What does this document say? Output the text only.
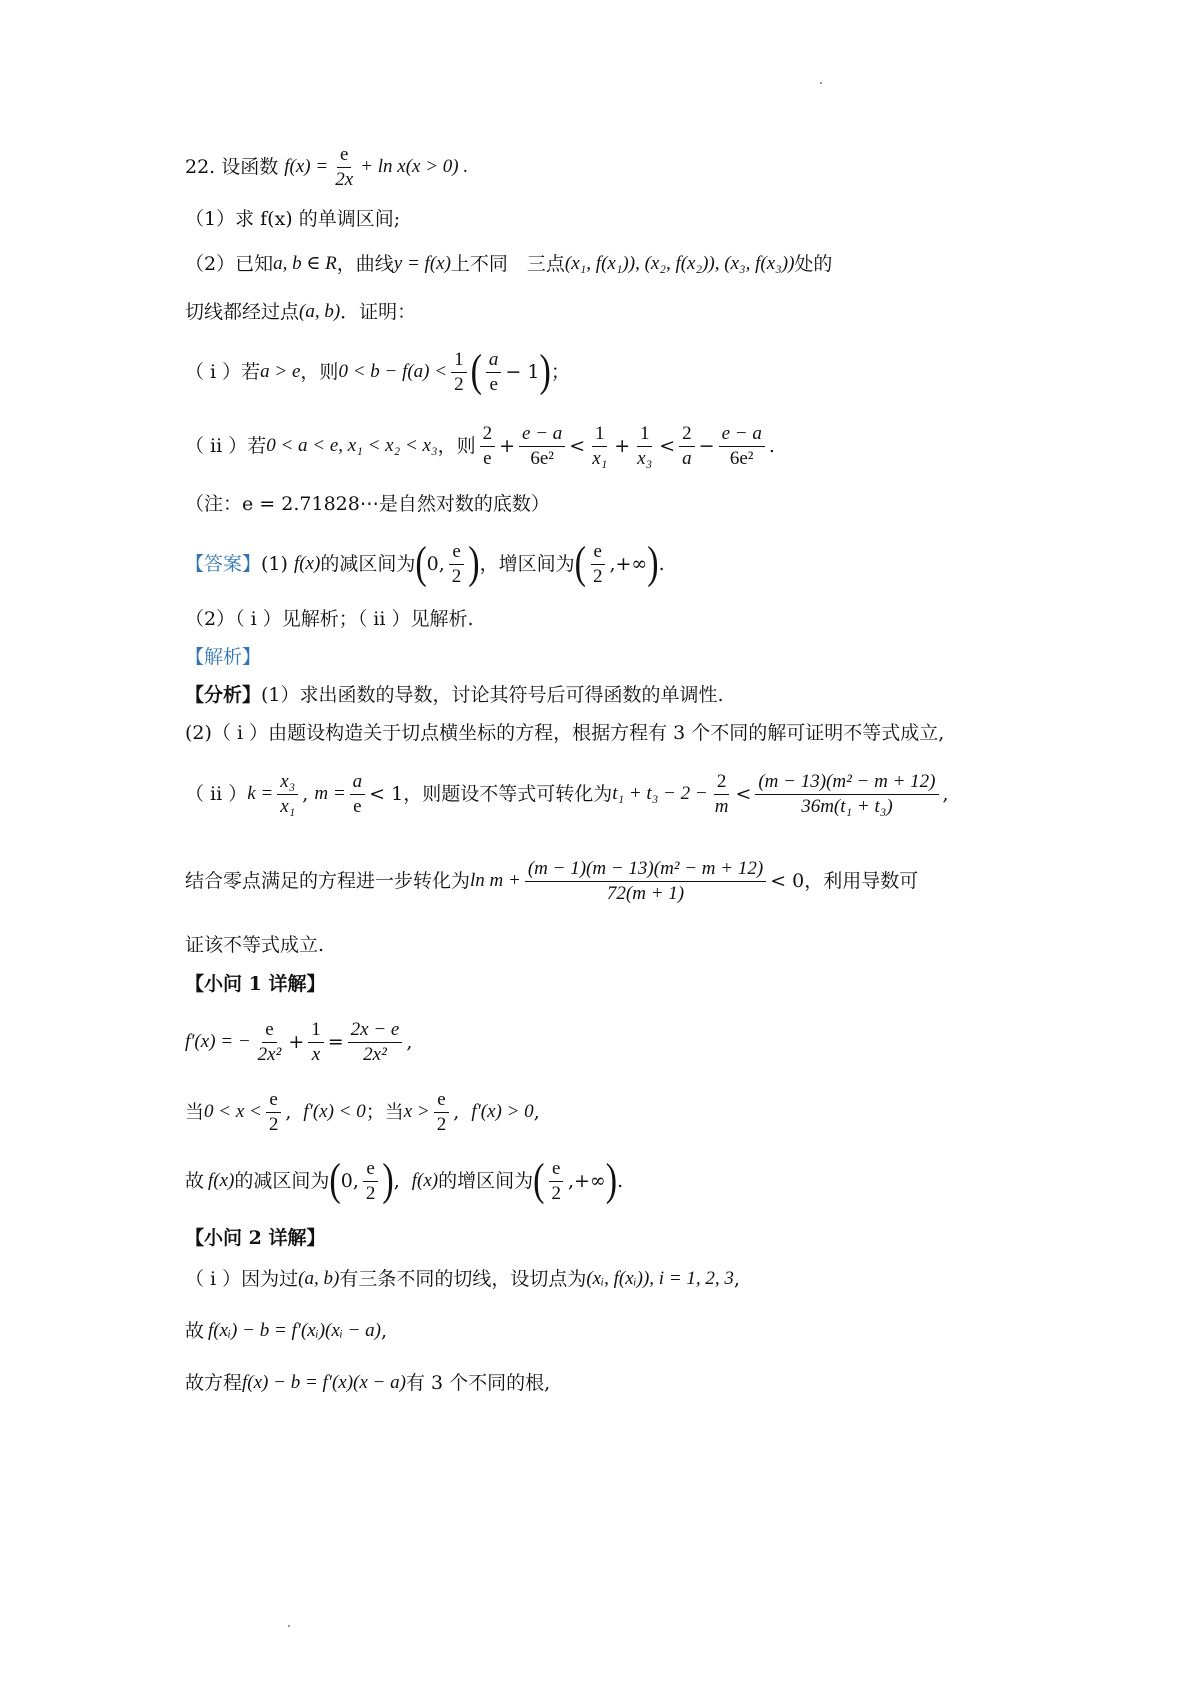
22. 设函数 $f(x) = \frac{e}{2x} + \ln x$ (x > 0) .
（1）求 f(x) 的单调区间;
（2）已知 a, b ∈ R ，曲线 y = f(x) 上不同　三点 (x₁, f(x₁)), (x₂, f(x₂)), (x₃, f(x₃)) 处的
切线都经过点 (a, b) ．证明：
（ i ）若 a > e ，则 $0 < b - f(a) < \frac{1}{2}$ ( $\frac{a}{e} - 1$ ) ；
（ ii ）若 0 < a < e, x₁ < x₂ < x₃ ，则 $\frac{2}{e} + \frac{e - a}{\text{6e²}} < \frac{1}{\text{x₁}} + \frac{1}{\text{x₃}} < \frac{2}{a} - \frac{e - a}{\text{6e²}}$ .
（注： e = 2.71828⋯ 是自然对数的底数）
【答案】 (1) f(x) 的减区间为 ( 0, $\frac{e}{2}$ ) ，增区间为 ( $\frac{e}{2}$ ,+∞ ) .
（2）（ i ）见解析；（ ii ）见解析.
【解析】
【分析】 (1）求出函数的导数，讨论其符号后可得函数的单调性.
(2)（ i ）由题设构造关于切点横坐标的方程，根据方程有 3 个不同的解可证明不等式成立,
（ ii ） $k = \frac{\text{x₃}}{\text{x₁}}$ , $m = \frac{a}{e} < 1$ ，则题设不等式可转化为 $t_1 + t_3 - 2 - \frac{2}{m} < \frac{\text{(m − 13)(m² − m + 12)}}{\text{36m(t₁ + t₃)}}$ ,
结合零点满足的方程进一步转化为 $\ln m + \frac{\text{(m − 1)(m − 13)(m² − m + 12)}}{72(m + 1)} < 0$ ，利用导数可
证该不等式成立.
【小问 1 详解】
f′(x) = − $\frac{e}{\text{2x²}} + \frac{1}{x} = \frac{2x - e}{\text{2x²}}$ ,
当 $0 < x < \frac{e}{2}$ , f′(x) < 0 ；当 $x > \frac{e}{2}$ , f′(x) > 0 ,
故 f(x) 的减区间为 ( 0, $\frac{e}{2}$ ) , f(x) 的增区间为 ( $\frac{e}{2}$ ,+∞ ) .
【小问 2 详解】
（ i ）因为过 (a, b) 有三条不同的切线，设切点为 (xᵢ, f(xᵢ)), i = 1, 2, 3 ,
故 f(xᵢ) − b = f′(xᵢ)(xᵢ − a) ,
故方程 f(x) − b = f′(x)(x − a) 有 3 个不同的根,
